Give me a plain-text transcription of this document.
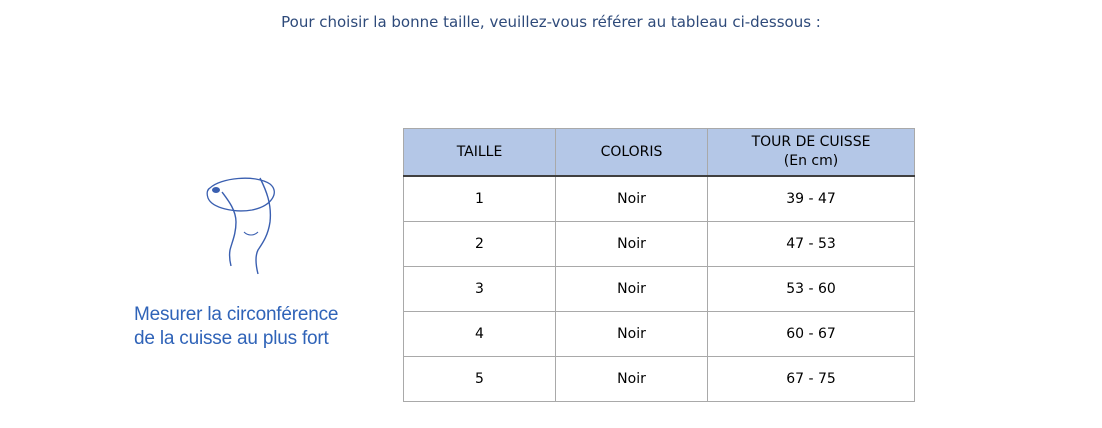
Pour choisir la bonne taille, veuillez-vous référer au tableau ci-dessous :
Mesurer la circonférence
de la cuisse au plus fort
TAILLE	COLORIS	TOUR DE CUISSE
(En cm)

1	Noir	39 - 47
2	Noir	47 - 53
3	Noir	53 - 60
4	Noir	60 - 67
5	Noir	67 - 75
